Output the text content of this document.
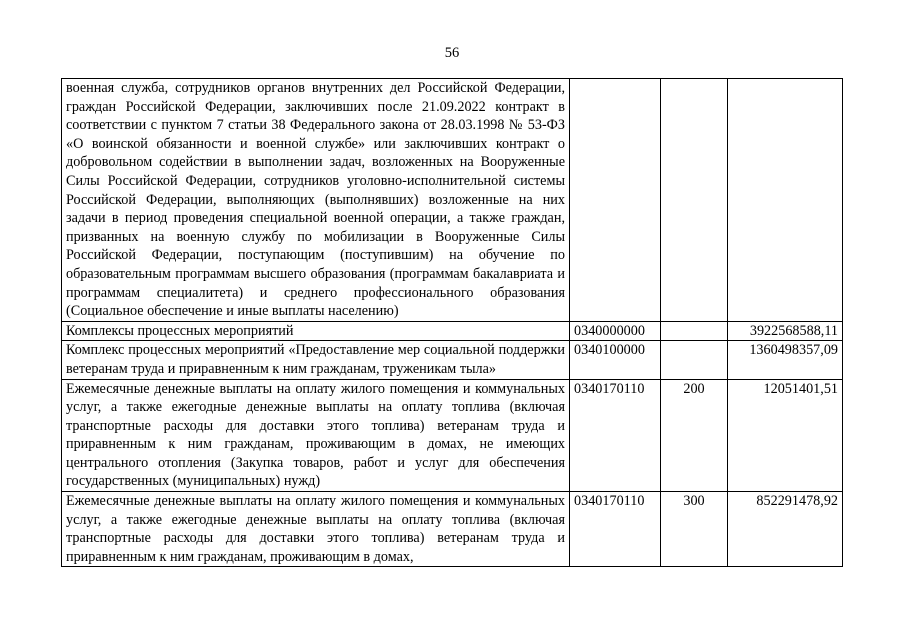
56
военная служба, сотрудников органов внутренних дел Российской Федерации, граждан Российской Федерации, заключивших после 21.09.2022 контракт в соответствии с пунктом 7 статьи 38 Федерального закона от 28.03.1998 № 53-ФЗ «О воинской обязанности и военной службе» или заключивших контракт о добровольном содействии в выполнении задач, возложенных на Вооруженные Силы Российской Федерации, сотрудников уголовно-исполнительной системы Российской Федерации, выполняющих (выполнявших) возложенные на них задачи в период проведения специальной военной операции, а также граждан, призванных на военную службу по мобилизации в Вооруженные Силы Российской Федерации, поступающим (поступившим) на обучение по образовательным программам высшего образования (программам бакалавриата и программам специалитета) и среднего профессионального образования (Социальное обеспечение и иные выплаты населению)			
Комплексы процессных мероприятий	0340000000		3922568588,11
Комплекс процессных мероприятий «Предоставление мер социальной поддержки ветеранам труда и приравненным к ним гражданам, труженикам тыла»	0340100000		1360498357,09
Ежемесячные денежные выплаты на оплату жилого помещения и коммунальных услуг, а также ежегодные денежные выплаты на оплату топлива (включая транспортные расходы для доставки этого топлива) ветеранам труда и приравненным к ним гражданам, проживающим в домах, не имеющих центрального отопления (Закупка товаров, работ и услуг для обеспечения государственных (муниципальных) нужд)	0340170110	200	12051401,51
Ежемесячные денежные выплаты на оплату жилого помещения и коммунальных услуг, а также ежегодные денежные выплаты на оплату топлива (включая транспортные расходы для доставки этого топлива) ветеранам труда и приравненным к ним гражданам, проживающим в домах,	0340170110	300	852291478,92
